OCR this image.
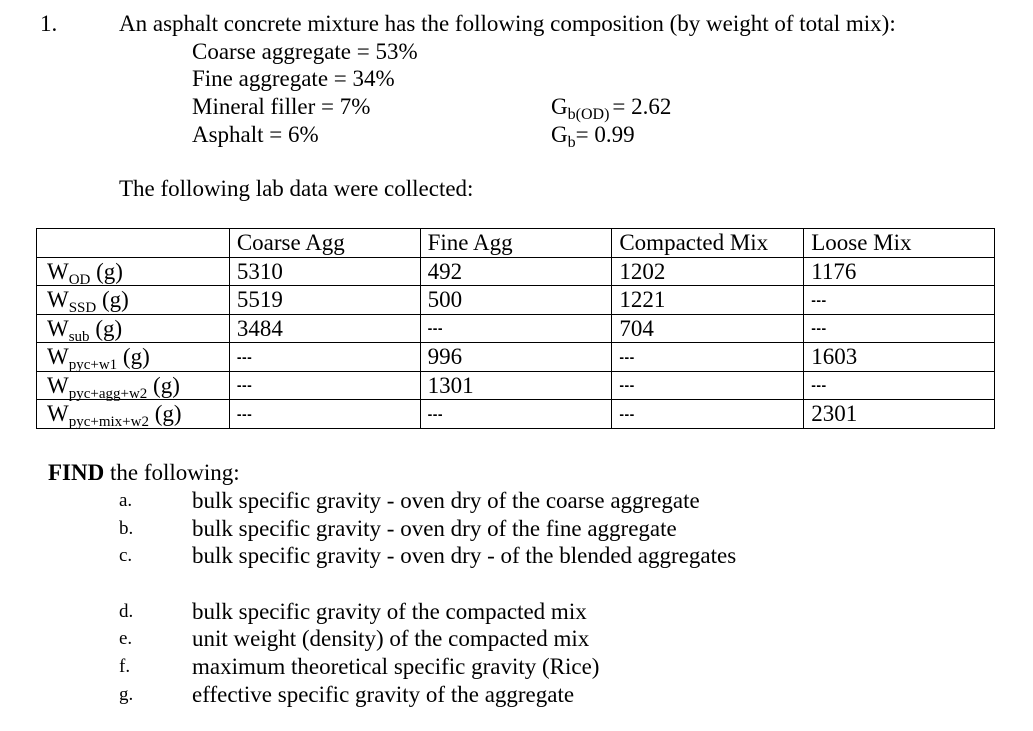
1.	An asphalt concrete mixture has the following composition (by weight of total mix):
Coarse aggregate = 53%
Fine aggregate = 34%
Mineral filler = 7%
Asphalt = 6%
$G_{b(OD)} = 2.62$
$G_b= 0.99$
The following lab data were collected:
	Coarse Agg	Fine Agg	Compacted Mix	Loose Mix
$W_{OD}$ (g)	5310	492	1202	1176
$W_{SSD}$ (g)	5519	500	1221	---
$W_{sub}$ (g)	3484	---	704	---
$W_{pyc+w1}$ (g)	---	996	---	1603
$W_{pyc+agg+w2}$ (g)	---	1301	---	---
$W_{pyc+mix+w2}$ (g)	---	---	---	2301
FIND the following:
a.	bulk specific gravity - oven dry of the coarse aggregate
b.	bulk specific gravity - oven dry of the fine aggregate
c.	bulk specific gravity - oven dry - of the blended aggregates
d.	bulk specific gravity of the compacted mix
e.	unit weight (density) of the compacted mix
f.	maximum theoretical specific gravity (Rice)
g.	effective specific gravity of the aggregate
